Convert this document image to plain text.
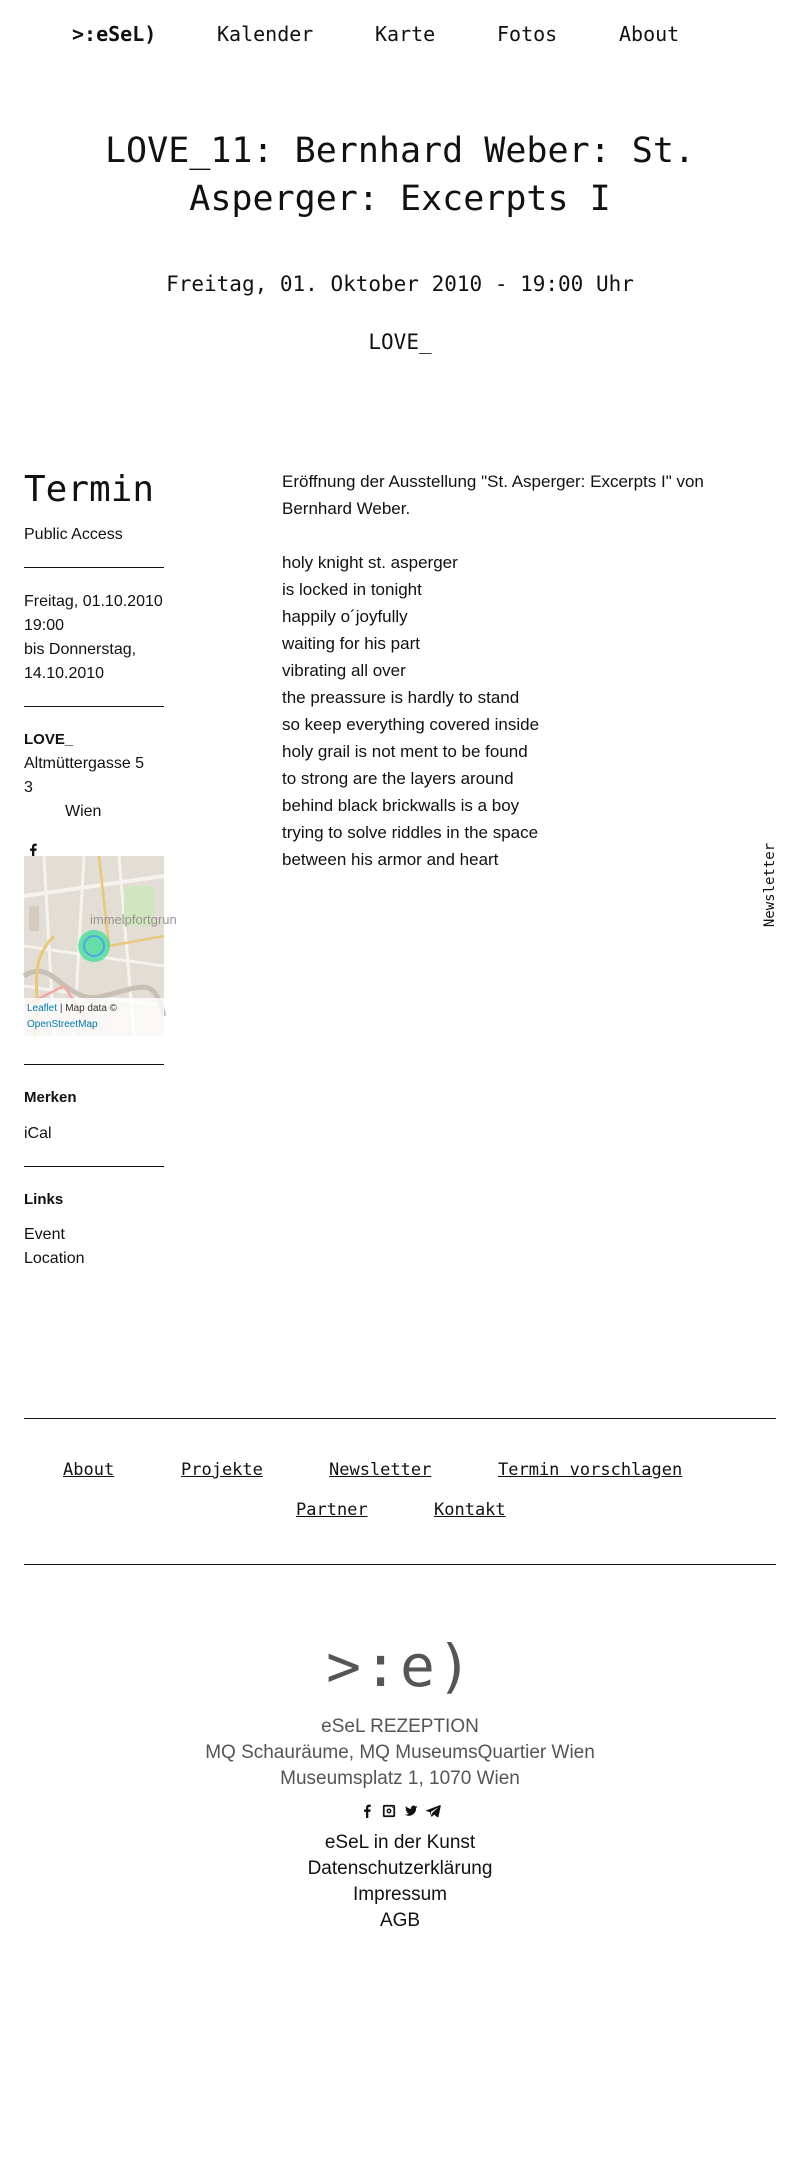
>:eSeL)	Kalender	Karte	Fotos	About
LOVE_11: Bernhard Weber: St. Asperger: Excerpts I
Freitag, 01. Oktober 2010 - 19:00 Uhr
LOVE_
Termin
Public Access
Freitag, 01.10.2010 19:00
bis Donnerstag, 14.10.2010
LOVE_
Altmüttergasse 5
3
Wien
immelpfortgrun
Leaflet | Map data ©
OpenStreetMap
Merken
iCal
Links
Event
Location

Eröffnung der Ausstellung "St. Asperger: Excerpts I" von Bernhard Weber.

holy knight st. asperger
is locked in tonight
happily o´joyfully
waiting for his part
vibrating all over
the preassure is hardly to stand
so keep everything covered inside
holy grail is not ment to be found
to strong are the layers around
behind black brickwalls is a boy
trying to solve riddles in the space
between his armor and heart	Newsletter
About	Projekte	Newsletter	Termin vorschlagen
Partner	Kontakt
>:e)
eSeL REZEPTION
MQ Schauräume, MQ MuseumsQuartier Wien
Museumsplatz 1, 1070 Wien
eSeL in der Kunst
Datenschutzerklärung
Impressum
AGB
